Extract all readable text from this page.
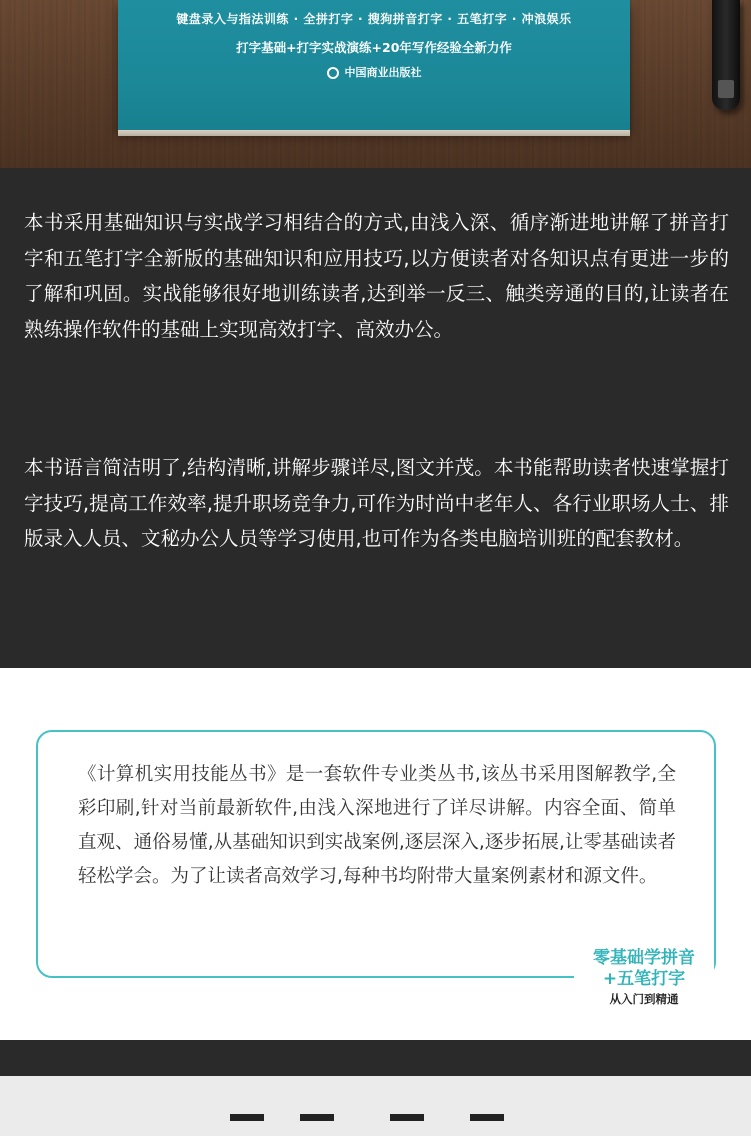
键盘录入与指法训练 · 全拼打字 · 搜狗拼音打字 · 五笔打字 · 冲浪娱乐
打字基础+打字实战演练+20年写作经验全新力作
中国商业出版社

本书采用基础知识与实战学习相结合的方式,由浅入深、循序渐进地讲解了拼音打字和五笔打字全新版的基础知识和应用技巧,以方便读者对各知识点有更进一步的了解和巩固。实战能够很好地训练读者,达到举一反三、触类旁通的目的,让读者在熟练操作软件的基础上实现高效打字、高效办公。

本书语言简洁明了,结构清晰,讲解步骤详尽,图文并茂。本书能帮助读者快速掌握打字技巧,提高工作效率,提升职场竞争力,可作为时尚中老年人、各行业职场人士、排版录入人员、文秘办公人员等学习使用,也可作为各类电脑培训班的配套教材。

《计算机实用技能丛书》是一套软件专业类丛书,该丛书采用图解教学,全彩印刷,针对当前最新软件,由浅入深地进行了详尽讲解。内容全面、简单直观、通俗易懂,从基础知识到实战案例,逐层深入,逐步拓展,让零基础读者轻松学会。为了让读者高效学习,每种书均附带大量案例素材和源文件。

零基础学拼音
+五笔打字
从入门到精通
